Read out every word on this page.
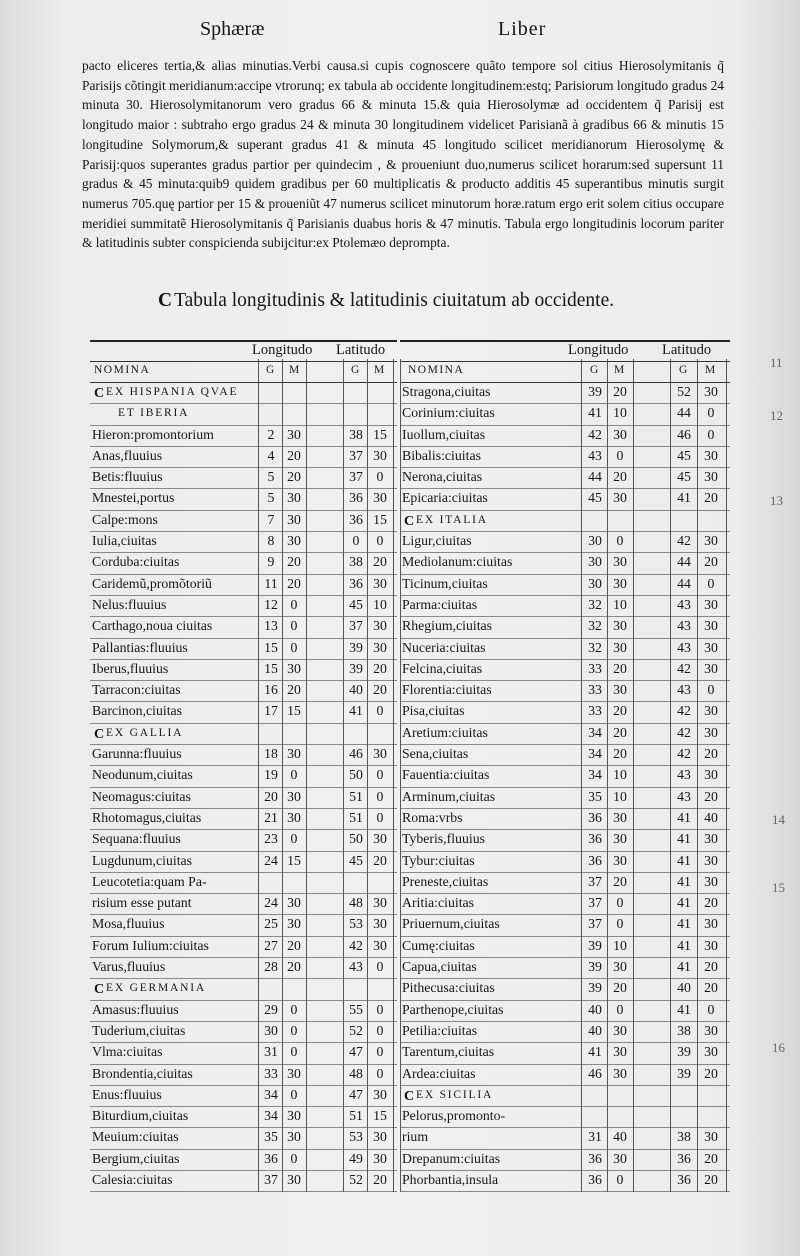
Sphæræ	Liber
pacto eliceres tertia,& alias minutias.Verbi causa.si cupis cognoscere quãto tempore sol citius Hierosolymitanis q̃ Parisijs cõtingit meridianum:accipe vtrorunq; ex tabula ab occidente longitudinem:estq; Parisiorum longitudo gradus 24 minuta 30. Hierosolymitanorum vero gradus 66 & minuta 15.& quia Hierosolymæ ad occidentem q̃ Parisij est longitudo maior : subtraho ergo gradus 24 & minuta 30 longitudinem videlicet Parisianã à gradibus 66 & minutis 15 longitudine Solymorum,& superant gradus 41 & minuta 45 longitudo scilicet meridianorum Hierosolymę & Parisij:quos superantes gradus partior per quindecim , & proueniunt duo,numerus scilicet horarum:sed supersunt 11 gradus & 45 minuta:quib9 quidem gradibus per 60 multiplicatis & producto additis 45 superantibus minutis surgit numerus 705.quę partior per 15 & proueniũt 47 numerus scilicet minutorum horæ.ratum ergo erit solem citius occupare meridiei summitatẽ Hierosolymitanis q̃ Parisianis duabus horis & 47 minutis. Tabula ergo longitudinis locorum pariter & latitudinis subter conspicienda subijcitur:ex Ptolemæo deprompta.
C Tabula longitudinis & latitudinis ciuitatum ab occidente.
Longitudo Latitudo
NOMINA	G M	G M
C EX HISPANIA QVAE
ET IBERIA
Hieron:promontorium	2 30	38 15
Anas,fluuius	4 20	37 30
Betis:fluuius	5 20	37 0
Mnestei,portus	5 30	36 30
Calpe:mons	7 30	36 15
Iulia,ciuitas	8 30	0	0
Corduba:ciuitas	9 20	38 20
Caridemũ,promõtoriũ	11 20	36 30
Nelus:fluuius	12 0	45 10
Carthago,noua ciuitas	13 0	37 30
Pallantias:fluuius	15 0	39 30
Iberus,fluuius	15 30	39 20
Tarracon:ciuitas	16 20	40 20
Barcinon,ciuitas	17 15	41 0
C EX GALLIA
Garunna:fluuius	18 30	46 30
Neodunum,ciuitas	19 0	50 0
Neomagus:ciuitas	20 30	51 0
Rhotomagus,ciuitas	21 30	51 0
Sequana:fluuius	23 0	50 30
Lugdunum,ciuitas	24 15	45 20
Leucotetia:quam Pa-
risium esse putant	24 30	48 30
Mosa,fluuius	25 30	53 30
Forum Iulium:ciuitas	27 20	42 30
Varus,fluuius	28 20	43 0
C EX GERMANIA
Amasus:fluuius	29 0	55 0
Tuderium,ciuitas	30 0	52 0
Vlma:ciuitas	31 0	47 0
Brondentia,ciuitas	33 30	48 0
Enus:fluuius	34 0	47 30
Biturdium,ciuitas	34 30	51 15
Meuium:ciuitas	35 30	53 30
Bergium,ciuitas	36 0	49 30
Calesia:ciuitas	37 30	52 20
Longitudo Latitudo
NOMINA	G M	G M
Stragona,ciuitas	39 20	52 30
Corinium:ciuitas	41 10	44	0
Iuollum,ciuitas	42 30	46	0
Bibalis:ciuitas	43	0	45 30
Nerona,ciuitas	44 20	45 30
Epicaria:ciuitas	45 30	41 20
C EX ITALIA
Ligur,ciuitas	30	0	42 30
Mediolanum:ciuitas	30 30	44 20
Ticinum,ciuitas	30 30	44	0
Parma:ciuitas	32 10	43 30
Rhegium,ciuitas	32 30	43 30
Nuceria:ciuitas	32 30	43 30
Felcina,ciuitas	33 20	42 30
Florentia:ciuitas	33 30	43	0
Pisa,ciuitas	33 20	42 30
Aretium:ciuitas	34 20	42 30
Sena,ciuitas	34 20	42 20
Fauentia:ciuitas	34 10	43 30
Arminum,ciuitas	35 10	43 20
Roma:vrbs	36 30	41 40
Tyberis,fluuius	36 30	41 30
Tybur:ciuitas	36 30	41 30
Preneste,ciuitas	37 20	41 30
Aritia:ciuitas	37	0	41 20
Priuernum,ciuitas	37	0	41 30
Cumę:ciuitas	39 10	41 30
Capua,ciuitas	39 30	41 20
Pithecusa:ciuitas	39 20	40 20
Parthenope,ciuitas	40	0	41	0
Petilia:ciuitas	40 30	38 30
Tarentum,ciuitas	41 30	39 30
Ardea:ciuitas	46 30	39 20
C EX SICILIA
Pelorus,promonto-
rium	31 40	38 30
Drepanum:ciuitas	36 30	36 20
Phorbantia,insula	36	0	36 20
11
12
13
14
15
16
